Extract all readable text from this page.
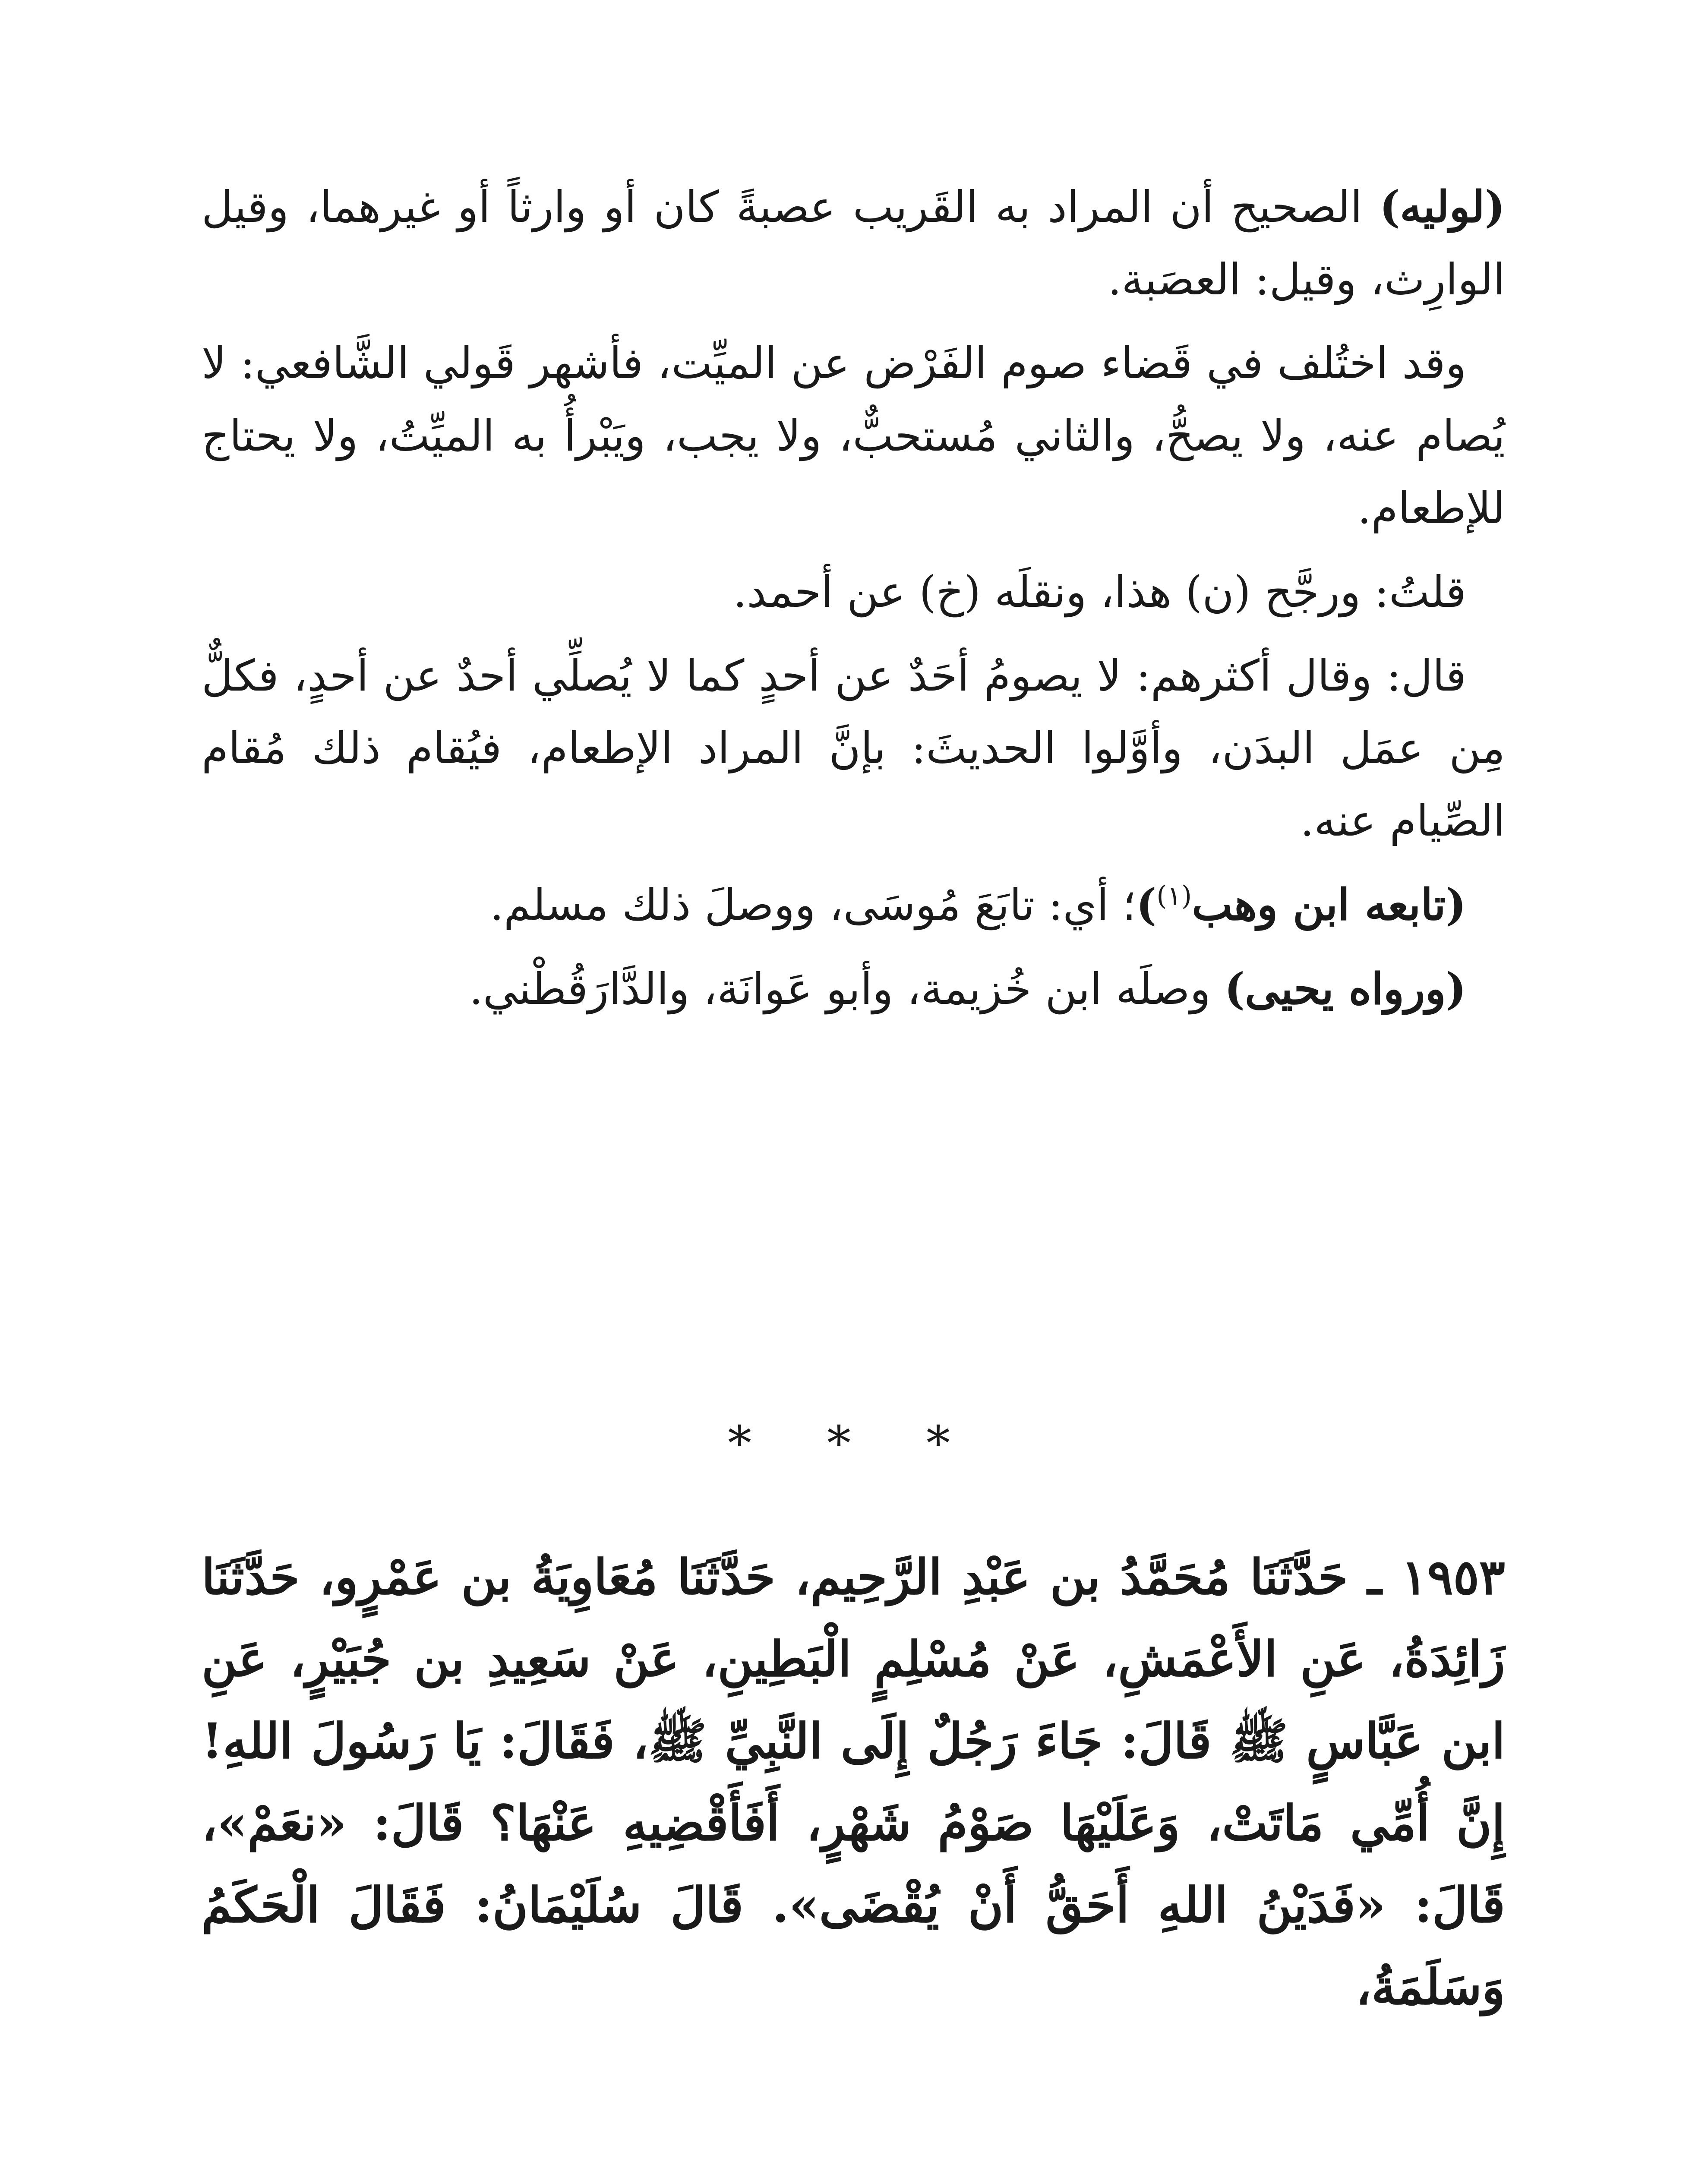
(لوليه) الصحيح أن المراد به القَريب عصبةً كان أو وارثاً أو غيرهما، وقيل الوارِث، وقيل: العصَبة.

وقد اختُلف في قَضاء صوم الفَرْض عن الميِّت، فأشهر قَولي الشَّافعي: لا يُصام عنه، ولا يصحُّ، والثاني مُستحبٌّ، ولا يجب، ويَبْرأُ به الميِّتُ، ولا يحتاج للإطعام.

قلتُ: ورجَّح (ن) هذا، ونقلَه (خ) عن أحمد.

قال: وقال أكثرهم: لا يصومُ أحَدٌ عن أحدٍ كما لا يُصلِّي أحدٌ عن أحدٍ، فكلٌّ مِن عمَل البدَن، وأوَّلوا الحديثَ: بإنَّ المراد الإطعام، فيُقام ذلك مُقام الصِّيام عنه.

(تابعه ابن وهب$^{(١)}$)؛ أي: تابَعَ مُوسَى، ووصلَ ذلك مسلم.

(ورواه يحيى) وصلَه ابن خُزيمة، وأبو عَوانَة، والدَّارَقُطْني.

* * *

١٩٥٣ ـ حَدَّثَنَا مُحَمَّدُ بن عَبْدِ الرَّحِيم، حَدَّثَنَا مُعَاوِيَةُ بن عَمْرٍو، حَدَّثَنَا زَائِدَةُ، عَنِ الأَعْمَشِ، عَنْ مُسْلِمٍ الْبَطِينِ، عَنْ سَعِيدِ بن جُبَيْرٍ، عَنِ ابن عَبَّاسٍ ﷺ قَالَ: جَاءَ رَجُلٌ إِلَى النَّبِيِّ ﷺ، فَقَالَ: يَا رَسُولَ اللهِ! إِنَّ أُمِّي مَاتَتْ، وَعَلَيْهَا صَوْمُ شَهْرٍ، أَفَأَقْضِيهِ عَنْهَا؟ قَالَ: «نعَمْ»، قَالَ: «فَدَيْنُ اللهِ أَحَقُّ أَنْ يُقْضَى». قَالَ سُلَيْمَانُ: فَقَالَ الْحَكَمُ وَسَلَمَةُ،
